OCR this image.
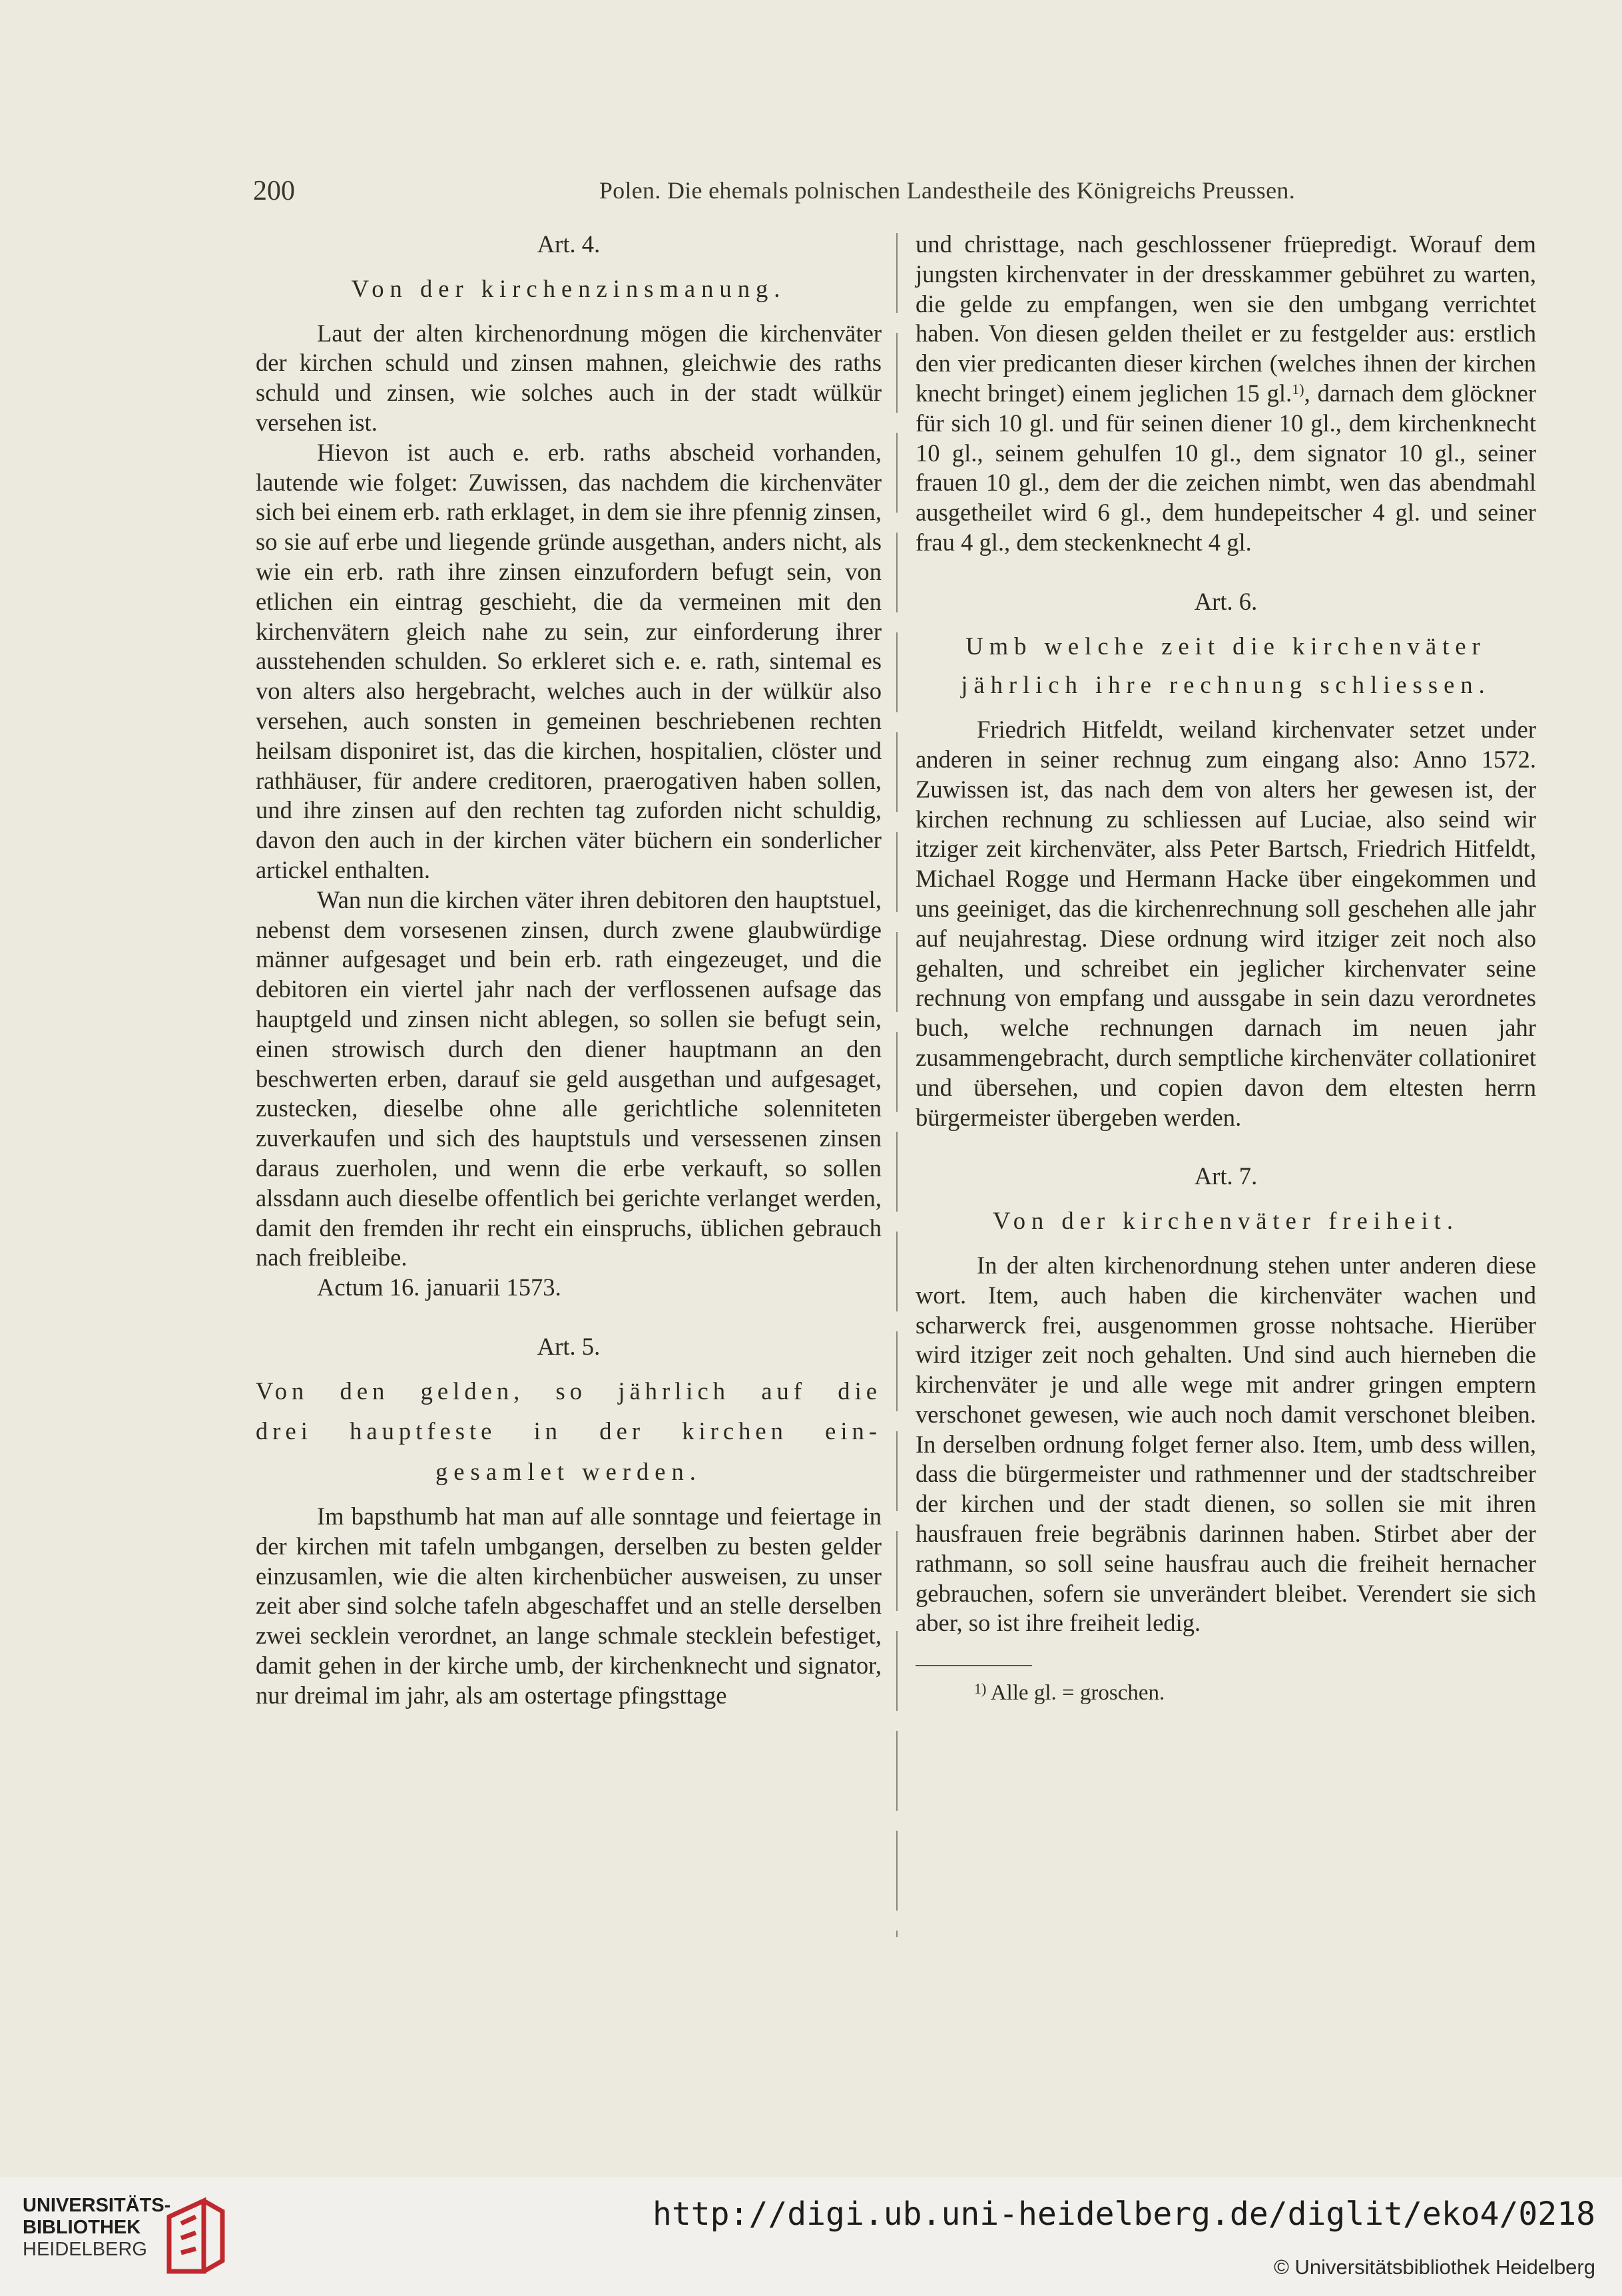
200	Polen. Die ehemals polnischen Landestheile des Königreichs Preussen.

Art. 4.

Von der kirchenzinsmanung.

Laut der alten kirchenordnung mögen die kirchenväter der kirchen schuld und zinsen mahnen, gleichwie des raths schuld und zinsen, wie solches auch in der stadt wülkür versehen ist.

Hievon ist auch e. erb. raths abscheid vorhanden, lautende wie folget: Zuwissen, das nachdem die kirchenväter sich bei einem erb. rath erklaget, in dem sie ihre pfennig zinsen, so sie auf erbe und liegende gründe ausgethan, anders nicht, als wie ein erb. rath ihre zinsen einzufordern befugt sein, von etlichen ein eintrag geschieht, die da vermeinen mit den kirchenvätern gleich nahe zu sein, zur einforderung ihrer ausstehenden schulden. So erkleret sich e. e. rath, sintemal es von alters also hergebracht, welches auch in der wülkür also versehen, auch sonsten in gemeinen beschriebenen rechten heilsam disponiret ist, das die kirchen, hospitalien, clöster und rathhäuser, für andere creditoren, praerogativen haben sollen, und ihre zinsen auf den rechten tag zuforden nicht schuldig, davon den auch in der kirchen väter büchern ein sonderlicher artickel enthalten.

Wan nun die kirchen väter ihren debitoren den hauptstuel, nebenst dem vorsesenen zinsen, durch zwene glaubwürdige männer aufgesaget und bein erb. rath eingezeuget, und die debitoren ein viertel jahr nach der verflossenen aufsage das hauptgeld und zinsen nicht ablegen, so sollen sie befugt sein, einen strowisch durch den diener hauptmann an den beschwerten erben, darauf sie geld ausgethan und aufgesaget, zustecken, dieselbe ohne alle gerichtliche solenniteten zuverkaufen und sich des hauptstuls und versessenen zinsen daraus zuerholen, und wenn die erbe verkauft, so sollen alssdann auch dieselbe offentlich bei gerichte verlanget werden, damit den fremden ihr recht ein einspruchs, üblichen gebrauch nach freibleibe.

Actum 16. januarii 1573.

Art. 5.

Von den gelden, so jährlich auf die

drei hauptfeste in der kirchen ein-

gesamlet werden.

Im bapsthumb hat man auf alle sonntage und feiertage in der kirchen mit tafeln umbgangen, derselben zu besten gelder einzusamlen, wie die alten kirchenbücher ausweisen, zu unser zeit aber sind solche tafeln abgeschaffet und an stelle derselben zwei secklein verordnet, an lange schmale stecklein befestiget, damit gehen in der kirche umb, der kirchenknecht und signator, nur dreimal im jahr, als am ostertage pfingsttage

und christtage, nach geschlossener früepredigt. Worauf dem jungsten kirchenvater in der dresskammer gebühret zu warten, die gelde zu empfangen, wen sie den umbgang verrichtet haben. Von diesen gelden theilet er zu festgelder aus: erstlich den vier predicanten dieser kirchen (welches ihnen der kirchen knecht bringet) einem jeglichen 15 gl.$^{1)}$, darnach dem glöckner für sich 10 gl. und für seinen diener 10 gl., dem kirchenknecht 10 gl., seinem gehulfen 10 gl., dem signator 10 gl., seiner frauen 10 gl., dem der die zeichen nimbt, wen das abendmahl ausgetheilet wird 6 gl., dem hundepeitscher 4 gl. und seiner frau 4 gl., dem steckenknecht 4 gl.

Art. 6.

Umb welche zeit die kirchenväter

jährlich ihre rechnung schliessen.

Friedrich Hitfeldt, weiland kirchenvater setzet under anderen in seiner rechnug zum eingang also: Anno 1572. Zuwissen ist, das nach dem von alters her gewesen ist, der kirchen rechnung zu schliessen auf Luciae, also seind wir itziger zeit kirchenväter, alss Peter Bartsch, Friedrich Hitfeldt, Michael Rogge und Hermann Hacke über eingekommen und uns geeiniget, das die kirchenrechnung soll geschehen alle jahr auf neujahrestag. Diese ordnung wird itziger zeit noch also gehalten, und schreibet ein jeglicher kirchenvater seine rechnung von empfang und aussgabe in sein dazu verordnetes buch, welche rechnungen darnach im neuen jahr zusammengebracht, durch semptliche kirchenväter collationiret und übersehen, und copien davon dem eltesten herrn bürgermeister übergeben werden.

Art. 7.

Von der kirchenväter freiheit.

In der alten kirchenordnung stehen unter anderen diese wort. Item, auch haben die kirchenväter wachen und scharwerck frei, ausgenommen grosse nohtsache. Hierüber wird itziger zeit noch gehalten. Und sind auch hierneben die kirchenväter je und alle wege mit andrer gringen emptern verschonet gewesen, wie auch noch damit verschonet bleiben. In derselben ordnung folget ferner also. Item, umb dess willen, dass die bürgermeister und rathmenner und der stadtschreiber der kirchen und der stadt dienen, so sollen sie mit ihren hausfrauen freie begräbnis darinnen haben. Stirbet aber der rathmann, so soll seine hausfrau auch die freiheit hernacher gebrauchen, sofern sie unverändert bleibet. Verendert sie sich aber, so ist ihre freiheit ledig.

$^{1)}$ Alle gl. = groschen.

UNIVERSITÄTS-
BIBLIOTHEK
HEIDELBERG
http://digi.ub.uni-heidelberg.de/diglit/eko4/0218
© Universitätsbibliothek Heidelberg
